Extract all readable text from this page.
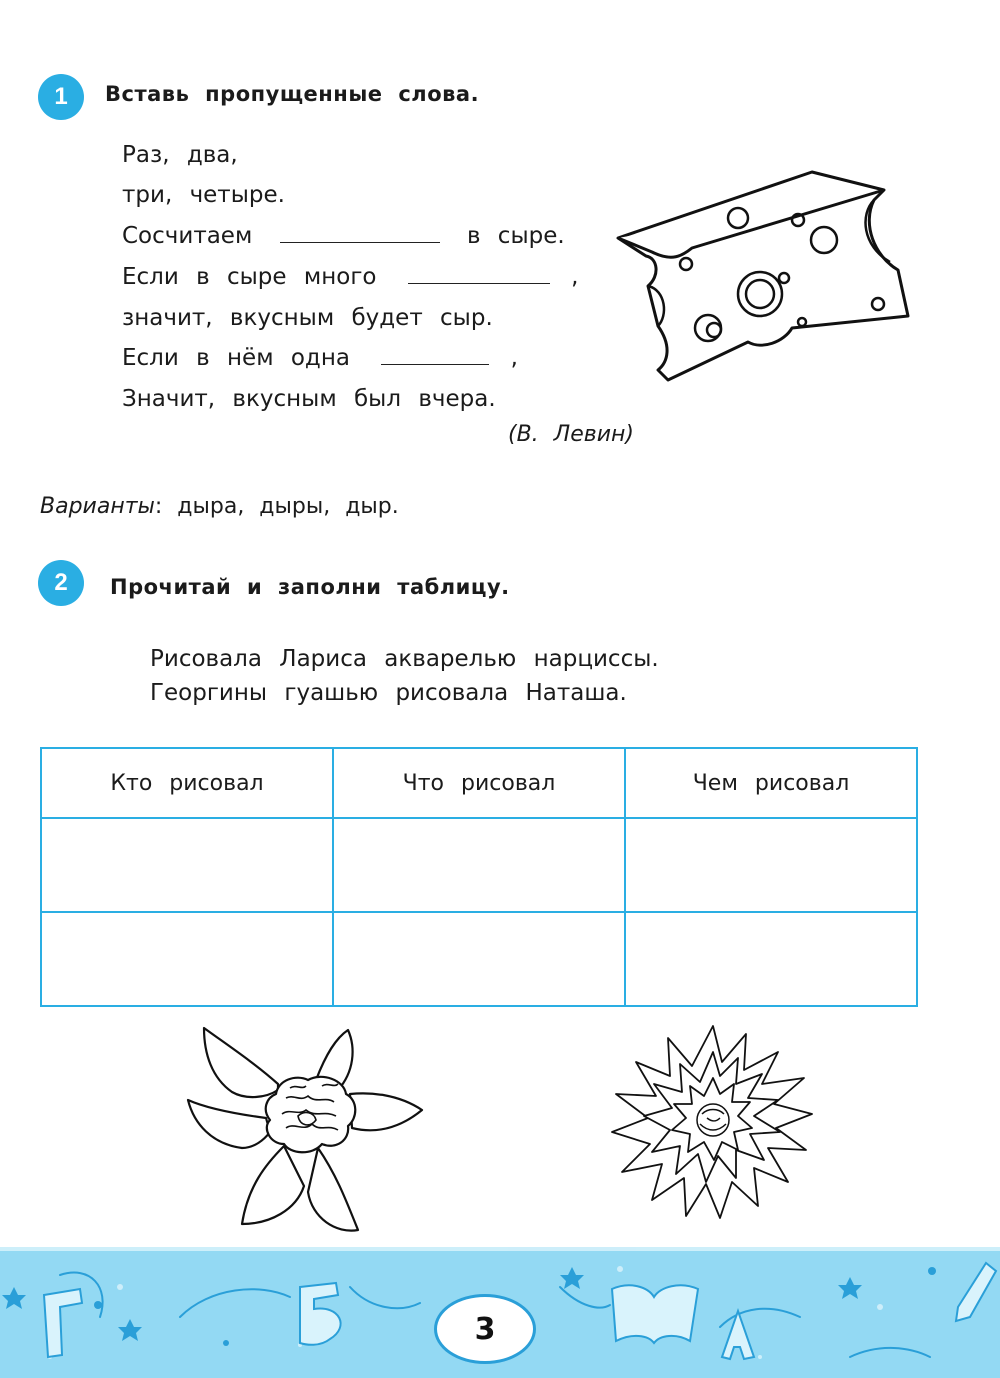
1	Вставь пропущенные слова.
Раз, два,
три, четыре.
Сосчитаем	в сыре.
Если в сыре много	,
значит, вкусным будет сыр.
Если в нём одна	,
Значит, вкусным был вчера.
(В. Левин)
Варианты: дыра, дыры, дыр.
2	Прочитай и заполни таблицу.
Рисовала Лариса акварелью нарциссы.
Георгины гуашью рисовала Наташа.
Кто рисовал	Что рисовал	Чем рисовал

3
